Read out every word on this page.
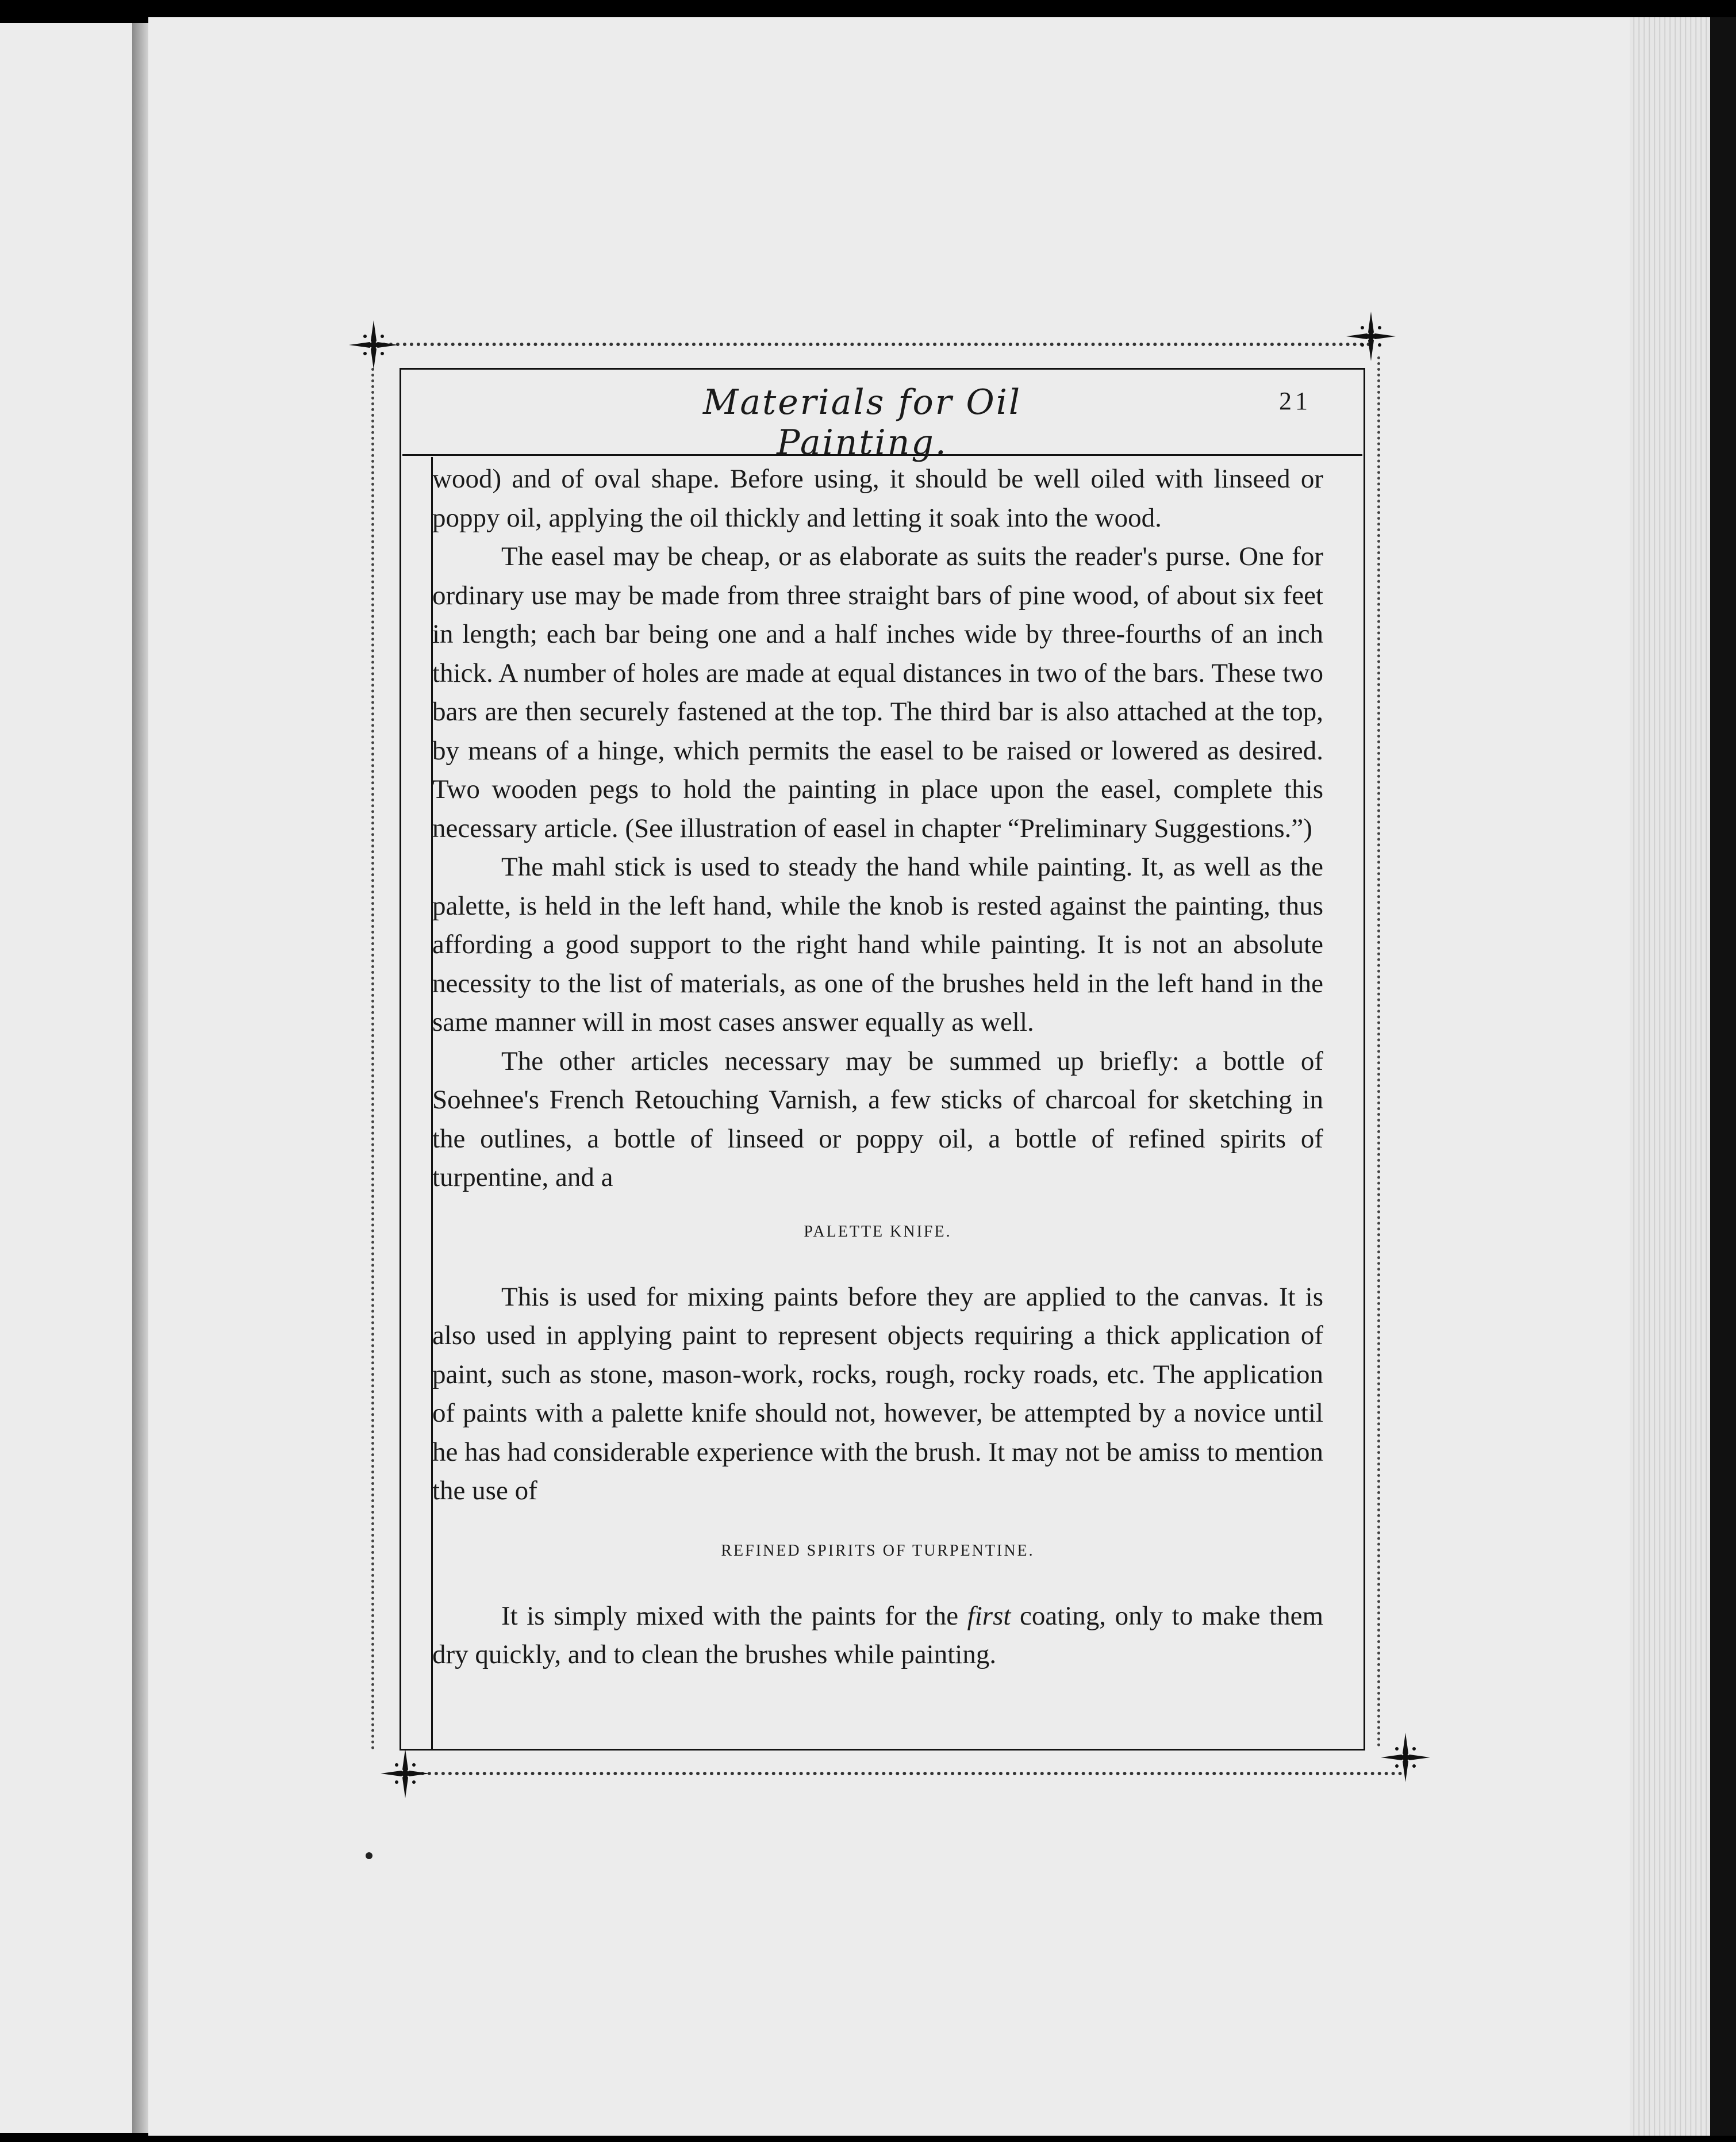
Materials for Oil Painting.
21

wood) and of oval shape. Before using, it should be well oiled with linseed or poppy oil, applying the oil thickly and letting it soak into the wood.

The easel may be cheap, or as elaborate as suits the reader's purse. One for ordinary use may be made from three straight bars of pine wood, of about six feet in length; each bar being one and a half inches wide by three-fourths of an inch thick. A number of holes are made at equal distances in two of the bars. These two bars are then securely fastened at the top. The third bar is also attached at the top, by means of a hinge, which permits the easel to be raised or lowered as desired. Two wooden pegs to hold the painting in place upon the easel, complete this necessary article. (See illustration of easel in chapter “Preliminary Suggestions.”)

The mahl stick is used to steady the hand while painting. It, as well as the palette, is held in the left hand, while the knob is rested against the painting, thus affording a good support to the right hand while painting. It is not an absolute necessity to the list of materials, as one of the brushes held in the left hand in the same manner will in most cases answer equally as well.

The other articles necessary may be summed up briefly: a bottle of Soehnee's French Retouching Varnish, a few sticks of charcoal for sketching in the outlines, a bottle of linseed or poppy oil, a bottle of refined spirits of turpentine, and a

PALETTE KNIFE.

This is used for mixing paints before they are applied to the canvas. It is also used in applying paint to represent objects requiring a thick application of paint, such as stone, mason-work, rocks, rough, rocky roads, etc. The application of paints with a palette knife should not, however, be attempted by a novice until he has had considerable experience with the brush. It may not be amiss to mention the use of

REFINED SPIRITS OF TURPENTINE.

It is simply mixed with the paints for the first coating, only to make them dry quickly, and to clean the brushes while painting.
